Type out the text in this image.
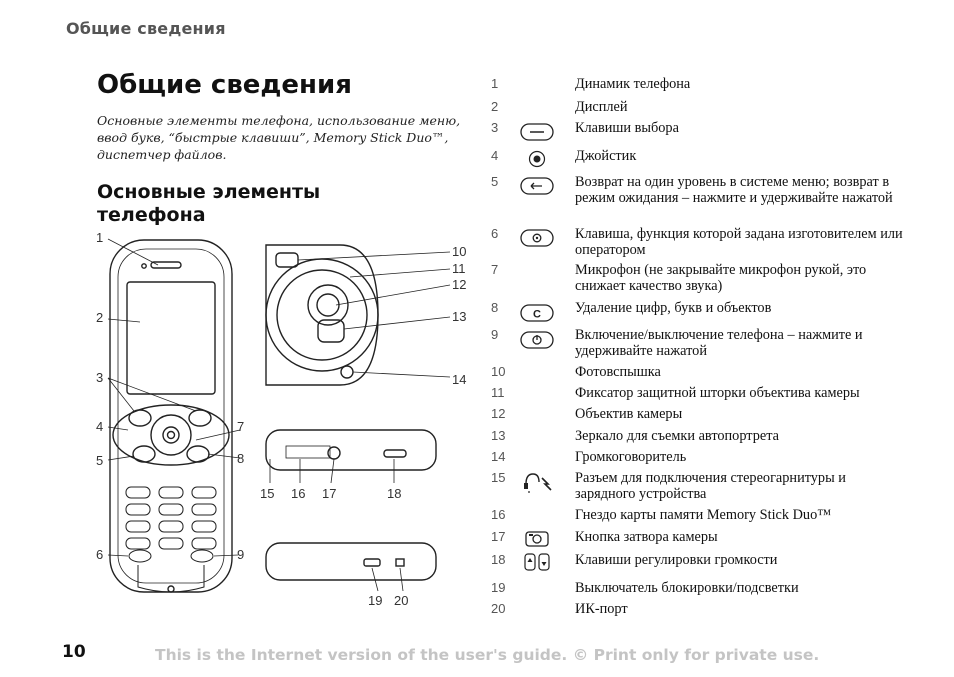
Общие сведения
Общие сведения
Основные элементы телефона, использование меню, ввод букв, “быстрые клавиши”, Memory Stick Duo™, диспетчер файлов.
Основные элементы телефона
1
2
3
4
5
6
7
8
9
10
11
12
13
14
15 16 17	18
19 20
1	Динамик телефона
2	Дисплей
3	Клавиши выбора
4	Джойстик
5	Возврат на один уровень в системе меню; возврат в режим ожидания – нажмите и удерживайте нажатой
6	Клавиша, функция которой задана изготовителем или оператором
7	Микрофон (не закрывайте микрофон рукой, это снижает качество звука)
8	C Удаление цифр, букв и объектов
9	Включение/выключение телефона – нажмите и удерживайте нажатой
10	Фотовспышка
11	Фиксатор защитной шторки объектива камеры
12	Объектив камеры
13	Зеркало для съемки автопортрета
14	Громкоговоритель
15	Разъем для подключения стереогарнитуры и зарядного устройства
16	Гнездо карты памяти Memory Stick Duo™
17	Кнопка затвора камеры
18	Клавиши регулировки громкости
19	Выключатель блокировки/подсветки
20	ИК-порт
10	This is the Internet version of the user's guide. © Print only for private use.
